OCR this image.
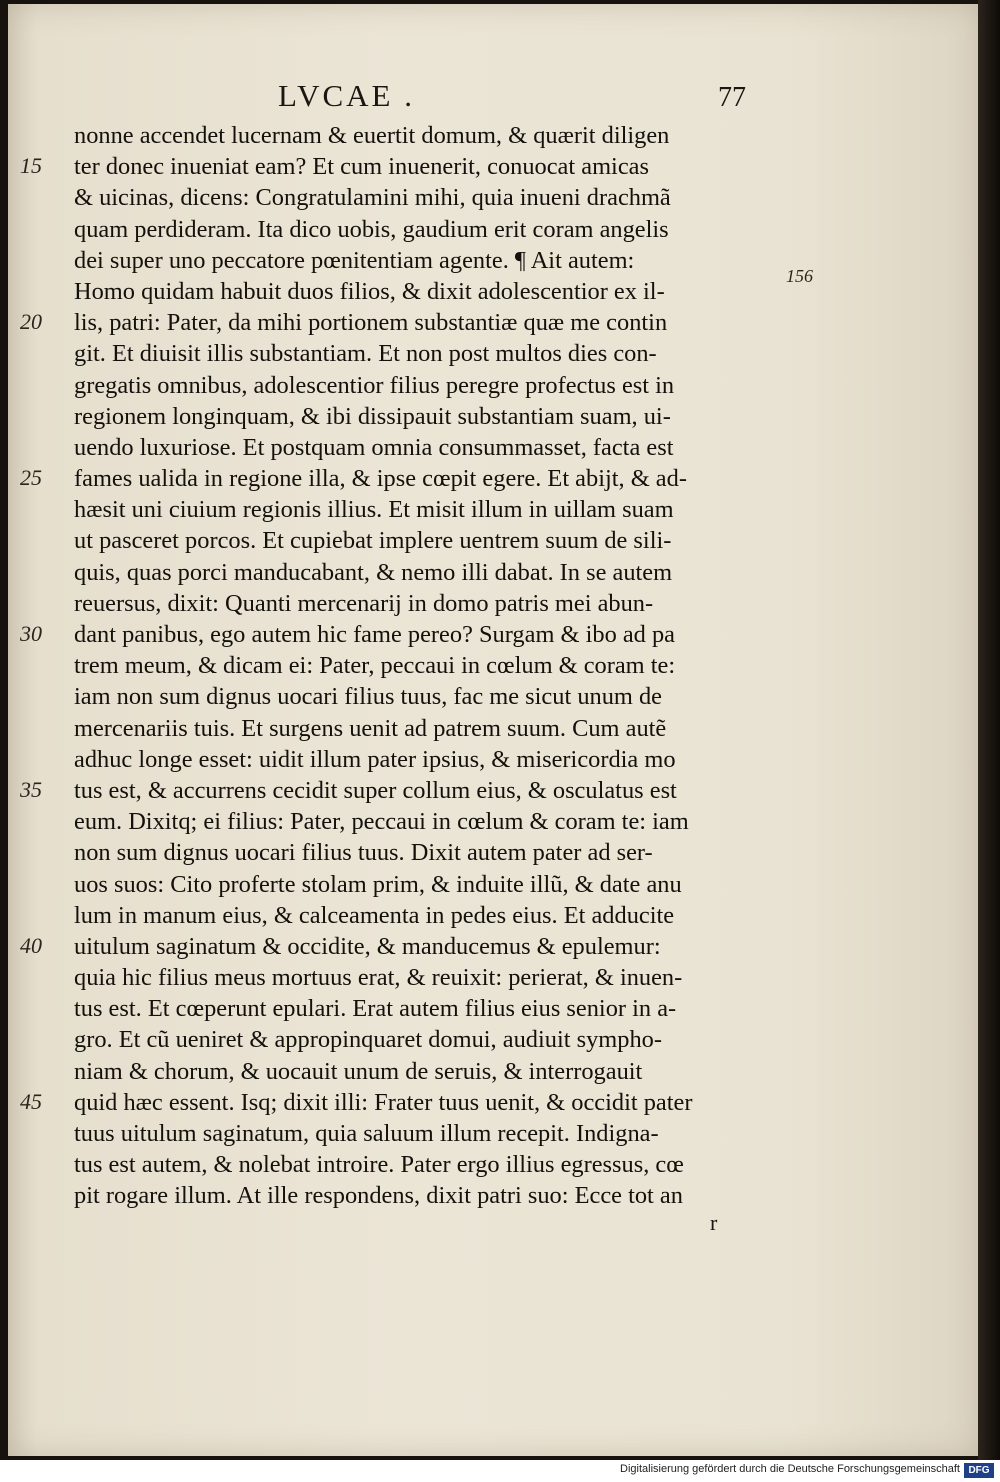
LVCAE .	77
nonne accendet lucernam & euertit domum, & quærit diligen
ter donec inueniat eam? Et cum inuenerit, conuocat amicas
& uicinas, dicens: Congratulamini mihi, quia inueni drachmã
quam perdideram. Ita dico uobis, gaudium erit coram angelis
dei super uno peccatore pœnitentiam agente. ¶ Ait autem:
Homo quidam habuit duos filios, & dixit adolescentior ex il-
lis, patri: Pater, da mihi portionem substantiæ quæ me contin
git. Et diuisit illis substantiam. Et non post multos dies con-
gregatis omnibus, adolescentior filius peregre profectus est in
regionem longinquam, & ibi dissipauit substantiam suam, ui-
uendo luxuriose. Et postquam omnia consummasset, facta est
fames ualida in regione illa, & ipse cœpit egere. Et abijt, & ad-
hæsit uni ciuium regionis illius. Et misit illum in uillam suam
ut pasceret porcos. Et cupiebat implere uentrem suum de sili-
quis, quas porci manducabant, & nemo illi dabat. In se autem
reuersus, dixit: Quanti mercenarij in domo patris mei abun-
dant panibus, ego autem hic fame pereo? Surgam & ibo ad pa
trem meum, & dicam ei: Pater, peccaui in cœlum & coram te:
iam non sum dignus uocari filius tuus, fac me sicut unum de
mercenariis tuis. Et surgens uenit ad patrem suum. Cum autẽ
adhuc longe esset: uidit illum pater ipsius, & misericordia mo
tus est, & accurrens cecidit super collum eius, & osculatus est
eum. Dixitq; ei filius: Pater, peccaui in cœlum & coram te: iam
non sum dignus uocari filius tuus. Dixit autem pater ad ser-
uos suos: Cito proferte stolam prim, & induite illũ, & date anu
lum in manum eius, & calceamenta in pedes eius. Et adducite
uitulum saginatum & occidite, & manducemus & epulemur:
quia hic filius meus mortuus erat, & reuixit: perierat, & inuen-
tus est. Et cœperunt epulari. Erat autem filius eius senior in a-
gro. Et cũ ueniret & appropinquaret domui, audiuit sympho-
niam & chorum, & uocauit unum de seruis, & interrogauit
quid hæc essent. Isq; dixit illi: Frater tuus uenit, & occidit pater
tuus uitulum saginatum, quia saluum illum recepit. Indigna-
tus est autem, & nolebat introire. Pater ergo illius egressus, cœ
pit rogare illum. At ille respondens, dixit patri suo: Ecce tot an
15
20
25
30
35
40
45
156
r
Digitalisierung gefördert durch die Deutsche Forschungsgemeinschaft DFG
